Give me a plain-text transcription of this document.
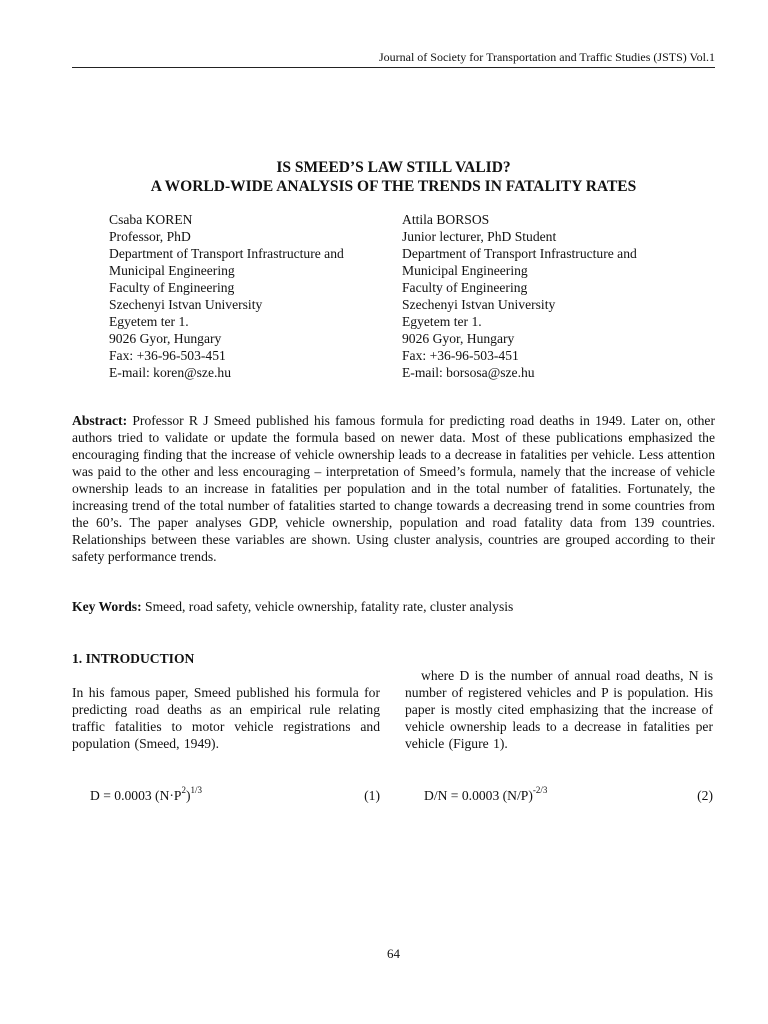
Journal of Society for Transportation and Traffic Studies (JSTS) Vol.1
IS SMEED’S LAW STILL VALID?
A WORLD-WIDE ANALYSIS OF THE TRENDS IN FATALITY RATES
Csaba KOREN
Professor, PhD
Department of Transport Infrastructure and
Municipal Engineering
Faculty of Engineering
Szechenyi Istvan University
Egyetem ter 1.
9026 Gyor, Hungary
Fax: +36-96-503-451
E-mail: koren@sze.hu
Attila BORSOS
Junior lecturer, PhD Student
Department of Transport Infrastructure and
Municipal Engineering
Faculty of Engineering
Szechenyi Istvan University
Egyetem ter 1.
9026 Gyor, Hungary
Fax: +36-96-503-451
E-mail: borsosa@sze.hu
Abstract: Professor R J Smeed published his famous formula for predicting road deaths in 1949. Later on, other authors tried to validate or update the formula based on newer data. Most of these publications emphasized the encouraging finding that the increase of vehicle ownership leads to a decrease in fatalities per vehicle. Less attention was paid to the other and less encouraging – interpretation of Smeed’s formula, namely that the increase of vehicle ownership leads to an increase in fatalities per population and in the total number of fatalities. Fortunately, the increasing trend of the total number of fatalities started to change towards a decreasing trend in some countries from the 60’s. The paper analyses GDP, vehicle ownership, population and road fatality data from 139 countries. Relationships between these variables are shown. Using cluster analysis, countries are grouped according to their safety performance trends.
Key Words: Smeed, road safety, vehicle ownership, fatality rate, cluster analysis
1. INTRODUCTION
In his famous paper, Smeed published his formula for predicting road deaths as an empirical rule relating traffic fatalities to motor vehicle registrations and population (Smeed, 1949).
where D is the number of annual road deaths, N is number of registered vehicles and P is population. His paper is mostly cited emphasizing that the increase of vehicle ownership leads to a decrease in fatalities per vehicle (Figure 1).
D = 0.0003 $(N\cdot P^2)^{1/3}$	(1)	D/N = 0.0003 $(N/P)^{-2/3}$	(2)
64
